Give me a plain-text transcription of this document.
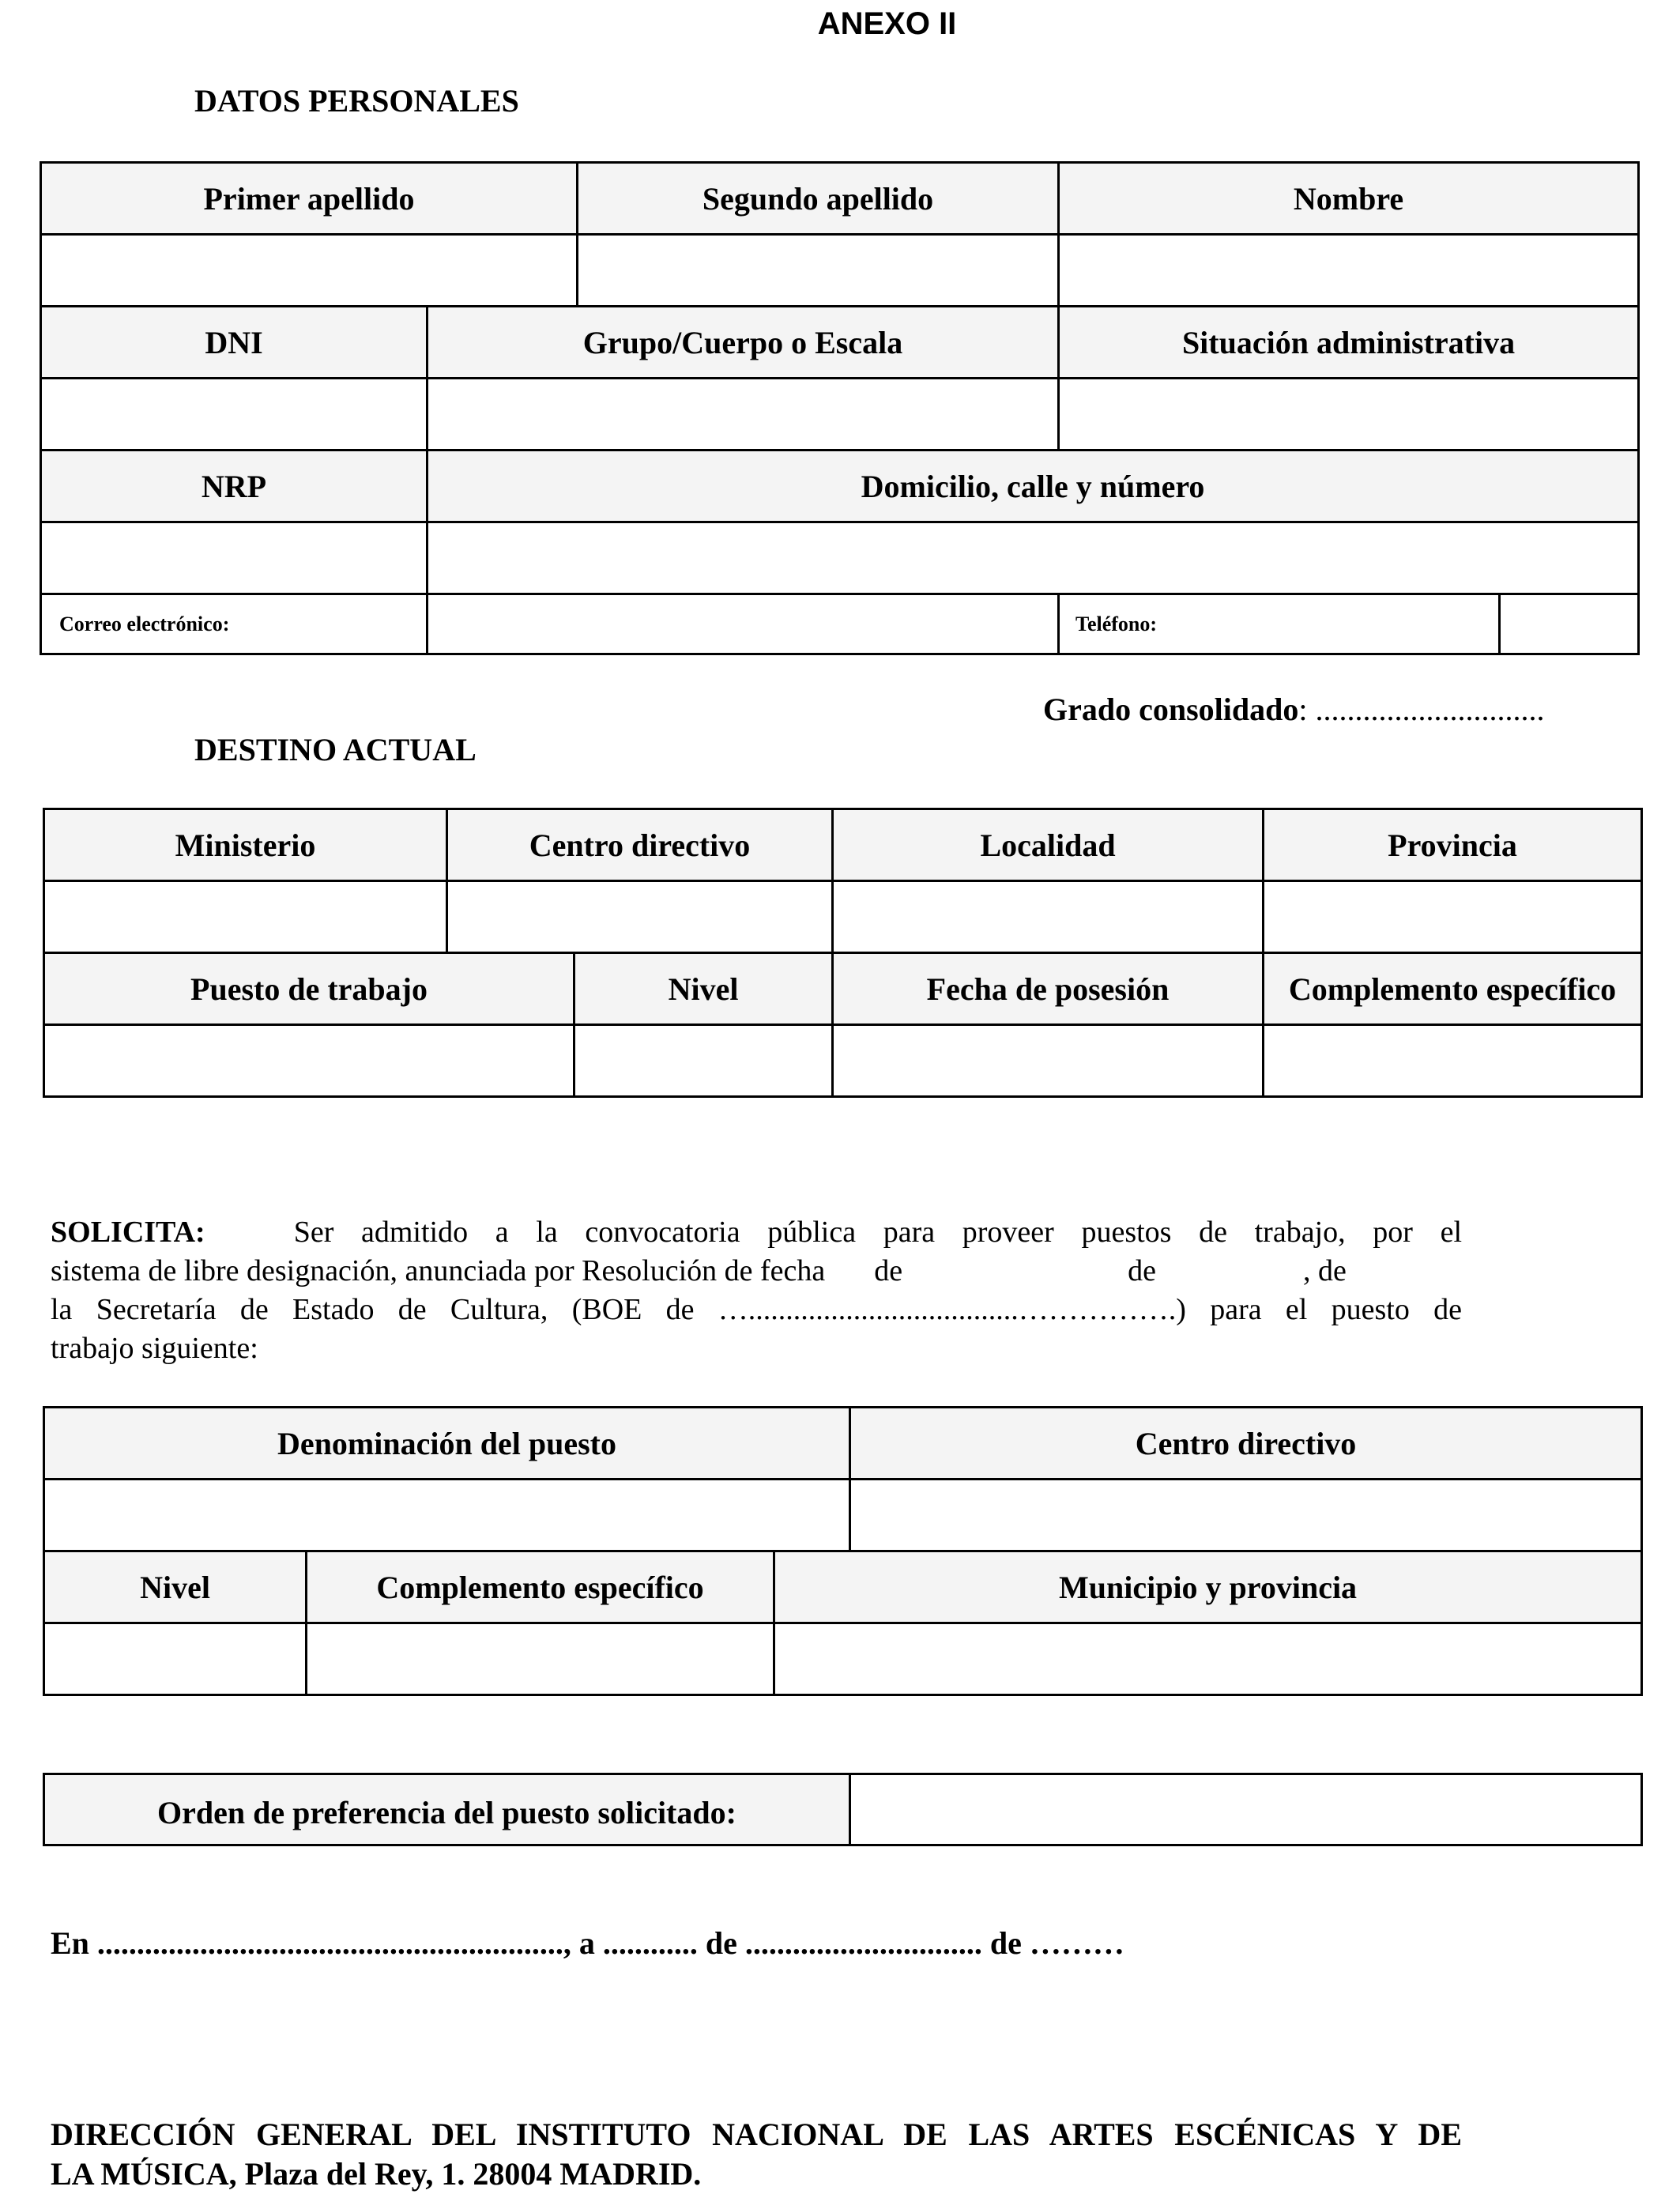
ANEXO II
DATOS PERSONALES
Primer apellido		Segundo apellido	Nombre	

DNI	Grupo/Cuerpo o Escala		Situación administrativa	

NRP	Domicilio, calle y número			

Correo electrónico:			Teléfono:	
Grado consolidado: .............................
DESTINO ACTUAL
Ministerio	Centro directivo		Localidad	Provincia

Puesto de trabajo		Nivel	Fecha de posesión	Complemento específico

SOLICITA:	Ser admitido a la convocatoria pública para proveer puestos de trabajo, por el
sistema de libre designación, anunciada por Resolución de fecha de	de	, de
la Secretaría de Estado de Cultura, (BOE de …....................................…………….) para el puesto de
trabajo siguiente:
Denominación del puesto			Centro directivo

Nivel	Complemento específico	Municipio y provincia	

Orden de preferencia del puesto solicitado:	
En ..........................................................., a ............ de .............................. de ………
DIRECCIÓN GENERAL DEL INSTITUTO NACIONAL DE LAS ARTES ESCÉNICAS Y DE
LA MÚSICA, Plaza del Rey, 1. 28004 MADRID.
